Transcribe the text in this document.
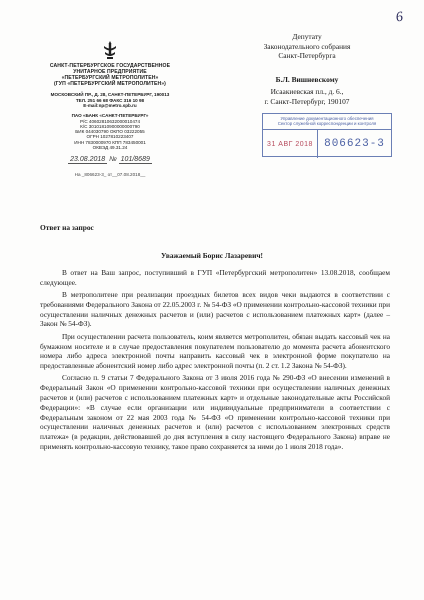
6
САНКТ-ПЕТЕРБУРГСКОЕ ГОСУДАРСТВЕННОЕ
УНИТАРНОЕ ПРЕДПРИЯТИЕ
«ПЕТЕРБУРГСКИЙ МЕТРОПОЛИТЕН»
(ГУП «ПЕТЕРБУРГСКИЙ МЕТРОПОЛИТЕН»)
МОСКОВСКИЙ ПР., Д. 28, САНКТ-ПЕТЕРБУРГ, 190013
ТЕЛ. 251 66 68 ФАКС 316 10 98
E-mail:np@metro.spb.ru
ПАО «БАНК «САНКТ-ПЕТЕРБУРГ»
Р/С 40602810632000010474
К/С 30101810900000000790
БИК 044030790 ОКПО 03222055
ОГРН 1027810223407
ИНН 7830000970 КПП 783450001
ОКВЭД 49.31.24
23.08.2018 № 101/8689
На _806623-3_ от__07.08.2018__
Депутату
Законодательного собрания
Санкт-Петербурга
Б.Л. Вишневскому
Исаакиевская пл., д. 6.,
г. Санкт-Петербург, 190107
Управление документационного обеспечения
Сектор служебной корреспонденции и контроля
31 АВГ 2018	806623-3
Ответ на запрос
Уважаемый Борис Лазаревич!

В ответ на Ваш запрос, поступивший в ГУП «Петербургский метрополитен» 13.08.2018, сообщаем следующее.

В метрополитене при реализации проездных билетов всех видов чеки выдаются в соответствии с требованиями Федерального Закона от 22.05.2003 г. № 54-ФЗ «О применении контрольно-кассовой техники при осуществлении наличных денежных расчетов и (или) расчетов с использованием платежных карт» (далее – Закон № 54-ФЗ).

При осуществлении расчета пользователь, коим является метрополитен, обязан выдать кассовый чек на бумажном носителе и в случае предоставления покупателем пользователю до момента расчета абонентского номера либо адреса электронной почты направить кассовый чек в электронной форме покупателю на предоставленные абонентский номер либо адрес электронной почты (п. 2 ст. 1.2 Закона № 54-ФЗ).

Согласно п. 9 статьи 7 Федерального Закона от 3 июля 2016 года № 290-ФЗ «О внесении изменений в Федеральный Закон «О применении контрольно-кассовой техники при осуществлении наличных денежных расчетов и (или) расчетов с использованием платежных карт» и отдельные законодательные акты Российской Федерации»: «В случае если организации или индивидуальные предприниматели в соответствии с Федеральным законом от 22 мая 2003 года № 54-ФЗ «О применении контрольно-кассовой техники при осуществлении наличных денежных расчетов и (или) расчетов с использованием электронных средств платежа» (в редакции, действовавшей до дня вступления в силу настоящего Федерального Закона) вправе не применять контрольно-кассовую технику, такое право сохраняется за ними до 1 июля 2018 года».
